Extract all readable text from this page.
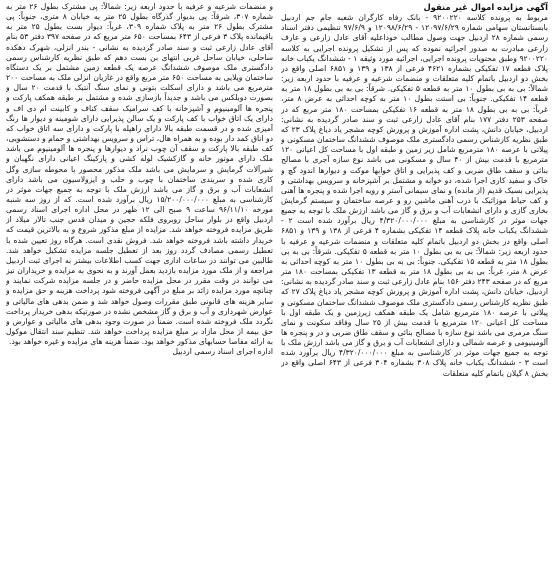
آگهی مزایده اموال غیر منقول

مربوط به پرونده کلاسه ۹۲۰۰۲۲۰ - بانک رفاه کارگران شعبه جام جم اردبیل بابستانستان سهامی شماره ۱۲۰۹۷/۶/۲۹ - ۱۲۰۹۸/۶/۲۹ و ۹۷/۶/۹ تنظیمی دفتر اسناد رسمی شماره ۲۸ اردبیل جهت وصول مطالب خوداعلیه آقای عادل زارعی و عارف زارعی مبادرت به صدور اجرائیه نموده که پس از تشکیل پرونده اجرایی به کلاسه ۹۲۰۰۲۲۰ وطبق محتویات پرونده اجرایی، اجرائیه مورد وثیقه ۱ - ششدانگ یکباب خانه پلاک قطعه ۱۷ تفکیکی بشماره ۴۶۲۱ فرعی از ۱۳۸ و ۱۳۹ و ۶۸۵۱ اصلی واقع در بخش دو اردبیل باتمام کلیه متعلقات و منضمات شرعیه و عرفیه با حدود اربعه زیر: شمالاً: بی به بی بطول ۱۰ متر به قطعه ۵ تفکیکی. شرقاً: بی به بی بطول ۱۸ متر به قطعه ۱۴ تفکیکی. جنوباً: بی استت بطول ۱۰ متر به کوچه احداثی به عرض ۸ متر، غرباً: بی به بی بطول ۱۸ متر به قطعه ۱۶ تفکیکی بمساحت ۱۸۰ متر مربع که در صفحه ۲۵۳ دفتر ۱۷۷ بنام آقای عادل زارعی ثبت و سند صادر گردیده به نشانی: اردبیل، خیابان دانش، پشت اداره آموزش و پرورش کوچه مشجر یاد دیاغ پلاک ۲۳ که طبق نظریه کارشناس رسمی دادگستری ملک موصوف ششدانگ ساختمان مسکونی و پیلاتی با عرصه ۱۸۰ مترمربع شامل زیر زمین و طبقه اول با مساحت کل اعیانی ۱۲۰ مترمربع با قدمت بیش از ۴۰ سال و مسکونی می باشد نوع سازه آجری با مصالح بنائی و سقف طاق ضربی و کف پذیرایی و اتاق خوابها موکت و دیوارها اندود گچ و خاک و سفید کاری اجرا شده، دو خوابه و مشتمل بر آشپزخانه و سرویس بهداشتی و پذیرایی بسیک قدیم (از مانده) و نمای سیمانی آستر و رویه اجرا شده و پنجره ها آهنی و کف حیاط موزائیک با درب آهنی ماشین رو و عرصه ساختمان و سیستم گرمایش بخاری گازی و دارای انشعابات آب و برق و گاز می باشد ارزش ملک با توجه به جمیع جهات موثر در کارشناسی به مبلغ ۴/۳۲۰/۰۰۰/۰۰۰ ریال برآورد شده است ۲ - ششدانگ یکباب خانه پلاک قطعه ۱۴ تفکیکی بشماره ۴ فرعی از ۱۳۸ و ۱۳۹ و ۶۸۵۱ اصلی واقع در بخش دو اردبیل باتمام کلیه متعلقات و منضمات شرعیه و عرفیه با حدود اربعه زیر: شمالاً: بی به بی بطول ۱۰ متر به قطعه ۵ تفکیکی. شرقاً: بی به بی بطول ۱۸ متر به قطعه ۱۵ تفکیکی. جنوباً: بی به بی بطول ۱۰ متر به کوچه احداثی به عرض ۸ متر، غرباً: بی به بی بطول ۱۸ متر به قطعه ۱۳ تفکیکی بمساحت ۱۸۰ متر مربع که در صفحه ۲۴۳ دفتر ۱۵۶ بنام عادل زارعی ثبت و سند صادر گردیده به نشانی: اردبیل، خیابان دانش، پشت اداره آموزش و پرورش کوچه مشجر یاد دیاغ پلاک ۲۷ که طبق نظریه کارشناس رسمی دادگستری ملک موصوف ششدانگ ساختمان مسکونی و پیلاتی با عرصه ۱۸۰ مترمربع شامل یک طبقه همکف زیرزمین و یک طبقه اول با مساحت کل اعیانی ۱۲۰ مترمربع با قدمت بیش از ۲۵ سال وفاقد سکونت و نمای سنگ مرمری می باشد نوع سازه با مصالح بنائی و سقف طاق ضربی و در و پنجره ها آلومینیومی و عرصه شمالی و دارای انشعابات آب و برق و گاز می باشد ارزش ملک با توجه به جمیع جهات موثر در کارشناسی به مبلغ ۴/۳۲۰/۰۰۰/۰۰۰ ریال برآورد شده است ۳ - ششدانگ یکباب خانه پلاک ۳۰۸ بشماره ۳۰۴ فرعی از ۶۴۳ اصلی واقع در بخش ۸ گیلان باتمام کلیه متعلقات

و منضمات شرعیه و عرفیه با حدود اربعه زیر: شمالاً: پی مشترک بطول ۲۶ متر به شماره ۳۰۷، شرقاً: پی بدیوار گذرگاه بطول ۲۵ متر به خیابان ۸ متری، جنوباً: پی مشترک بطول ۲۶ متر به پلاک شماره ۳۰۹، غرباً: دیوار بست بطول ۲۵ متر به باقیمانده پلاک ۳ فرعی از ۶۴۳ بمساحت ۶۵۰ متر مربع که در صفحه ۳۹۷ دفتر ۵۳ بنام آقای عادل زارعی ثبت و سند صادر گردیده به نشانی - بندر انزلی، شهرک دهکده ساحلی، خیابان ساحل غربی انتهای بن بست دهم که طبق نظریه کارشناس رسمی دادگستری ملک موصوف ششدانگ عرصه یک قطعه زمین مشتمل بر یک دستگاه ساختمان ویلایی به مساحت ۶۵۰ متر مربع واقع در غازیان انزلی ملک به مساحت ۲۰۰ مترمربع می باشد و دارای اسکلت بتونی و نمای سنگ آنتیک با قدمت ۲۰ سال و بصورت دوبلکس می باشد و جدیداً بازسازی شده و مشتمل بر طبقه همکف پارکت و پنجره ها آلومینیوم و آشپزخانه با کف سرامیک سقف کناف و کابینت ام دی اف و دارای یک اتاق خواب با کف پارکت و یک سالن پذیرایی دارای شومینه و دیوار ها رنگ آمیزی شده و در قسمت طبقه بالا دارای راهپله با پارکت و دارای سه اتاق خواب که دو اتاق کمد دار بوده و به همراه هال، تراس و سرویس بهداشتی و حمام و دستشویی، کف طبقه بالا پارکت و سقف آن چوب نراد و دیوارها و پنجره ها آلومینیوم می باشد ملک دارای موتور خانه و گازکشیک لوله کشی و پارکینگ اعیانی دارای نگهبان و شیرآلات گرمایش و سرمایش می باشد ملک مذکور محصور با محوطه سازی وگل کاری شده و سربندی ساختمان با چوب و حلب و ایزولاسیون می باشد دارای انشعابات آب و برق و گاز می باشد ارزش ملک با توجه به جمیع جهات موثر در کارشناسی به مبلغ ۱۵/۲۰۰/۰۰۰/۰۰۰ ریال برآورد شده است. که از روز سه شنبه مورخه ۹۶/۱۱/۱۰ ساعت ۹ صبح الی ۱۲ ظهر در محل اداره اجرای اسناد رسمی اردبیل واقع در بلوار ساحل روبروی فلکه حجین و میدان قدس جنب تالار میلاد از طریق مزایده فروخته خواهد شد. مزایده از مبلغ مذکور شروع و به بالاترین قیمت که خریدار داشته باشد فروخته خواهد شد. فروش نقدی است. هرگاه روز تعیین شده با تعطیل رسمی مصادف گردد روز بعد از تعطیل جلسه مزایده تشکیل خواهد شد. طالبین می توانند در ساعات اداری جهت کسب اطلاعات بیشتر به اجرای ثبت اردبیل مراجعه و از ملک مورد مزایده بازدید بعمل آورند و به نحوی به مزایده و خریداران نیز می توانند در وقت مقرر در محل مزایده حاضر و در جلسه مزایده شرکت نمایند و چنانچه مورد مزایده زائد بر مبلغ در آگهی فروخته شود پرداخت هزینه و حق مزایده و سایر هزینه های قانونی طبق مقررات وصول خواهد شد و ضمن بدهی های مالیاتی و عوارض شهرداری و آب و برق و گاز مشخص نشده در صورتیکه بدهی خریدار پرداخت نگردد ملک فروخته شده است. ضمناً در صورت وجود بدهی های مالیاتی و عوارض و حق بیمه از محل مازاد بر مبلغ مزایده پرداخت خواهد شد. تنظیم سند انتقال موکول به ارائه مفاصا حسابهای مذکور خواهد بود. ضمناً هزینه های مزایده و غیره خواهد بود.

اداره اجرای اسناد رسمی اردبیل
